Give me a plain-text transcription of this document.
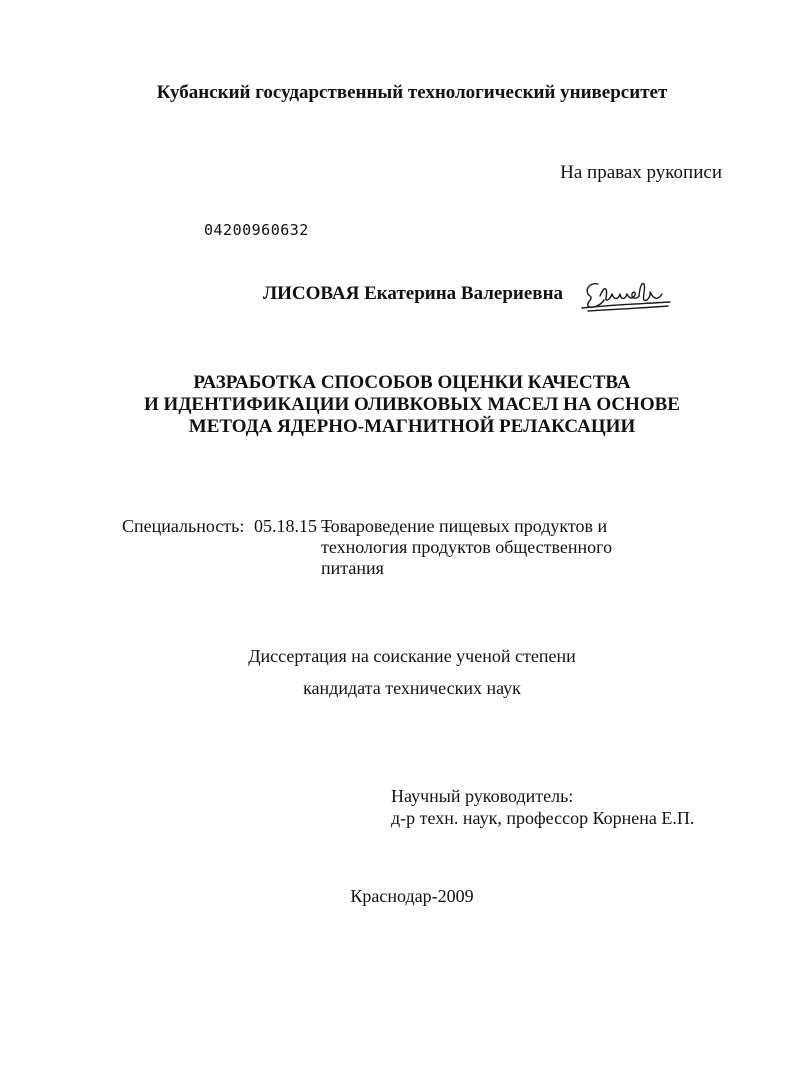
Кубанский государственный технологический университет
На правах рукописи
04200960632
ЛИСОВАЯ Екатерина Валериевна
РАЗРАБОТКА СПОСОБОВ ОЦЕНКИ КАЧЕСТВА
И ИДЕНТИФИКАЦИИ ОЛИВКОВЫХ МАСЕЛ НА ОСНОВЕ
МЕТОДА ЯДЕРНО-МАГНИТНОЙ РЕЛАКСАЦИИ
Специальность: 05.18.15 –
Товароведение пищевых продуктов и
технология продуктов общественного
питания
Диссертация на соискание ученой степени
кандидата технических наук
Научный руководитель:
д-р техн. наук, профессор Корнена Е.П.
Краснодар-2009
